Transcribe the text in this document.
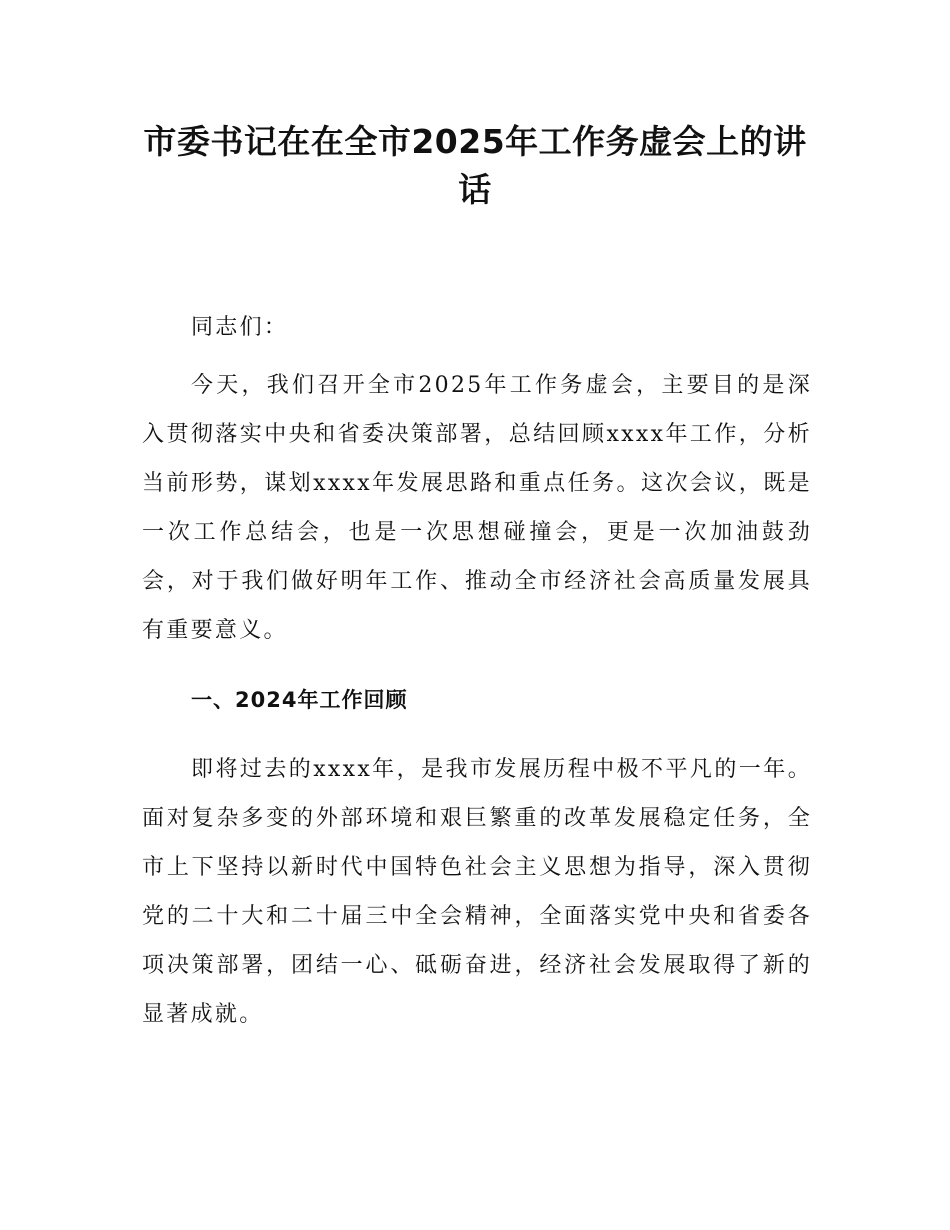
市委书记在在全市2025年工作务虚会上的讲话

同志们：

今天，我们召开全市2025年工作务虚会，主要目的是深入贯彻落实中央和省委决策部署，总结回顾xxxx年工作，分析当前形势，谋划xxxx年发展思路和重点任务。这次会议，既是一次工作总结会，也是一次思想碰撞会，更是一次加油鼓劲会，对于我们做好明年工作、推动全市经济社会高质量发展具有重要意义。

一、2024年工作回顾

即将过去的xxxx年，是我市发展历程中极不平凡的一年。面对复杂多变的外部环境和艰巨繁重的改革发展稳定任务，全市上下坚持以新时代中国特色社会主义思想为指导，深入贯彻党的二十大和二十届三中全会精神，全面落实党中央和省委各项决策部署，团结一心、砥砺奋进，经济社会发展取得了新的显著成就。
